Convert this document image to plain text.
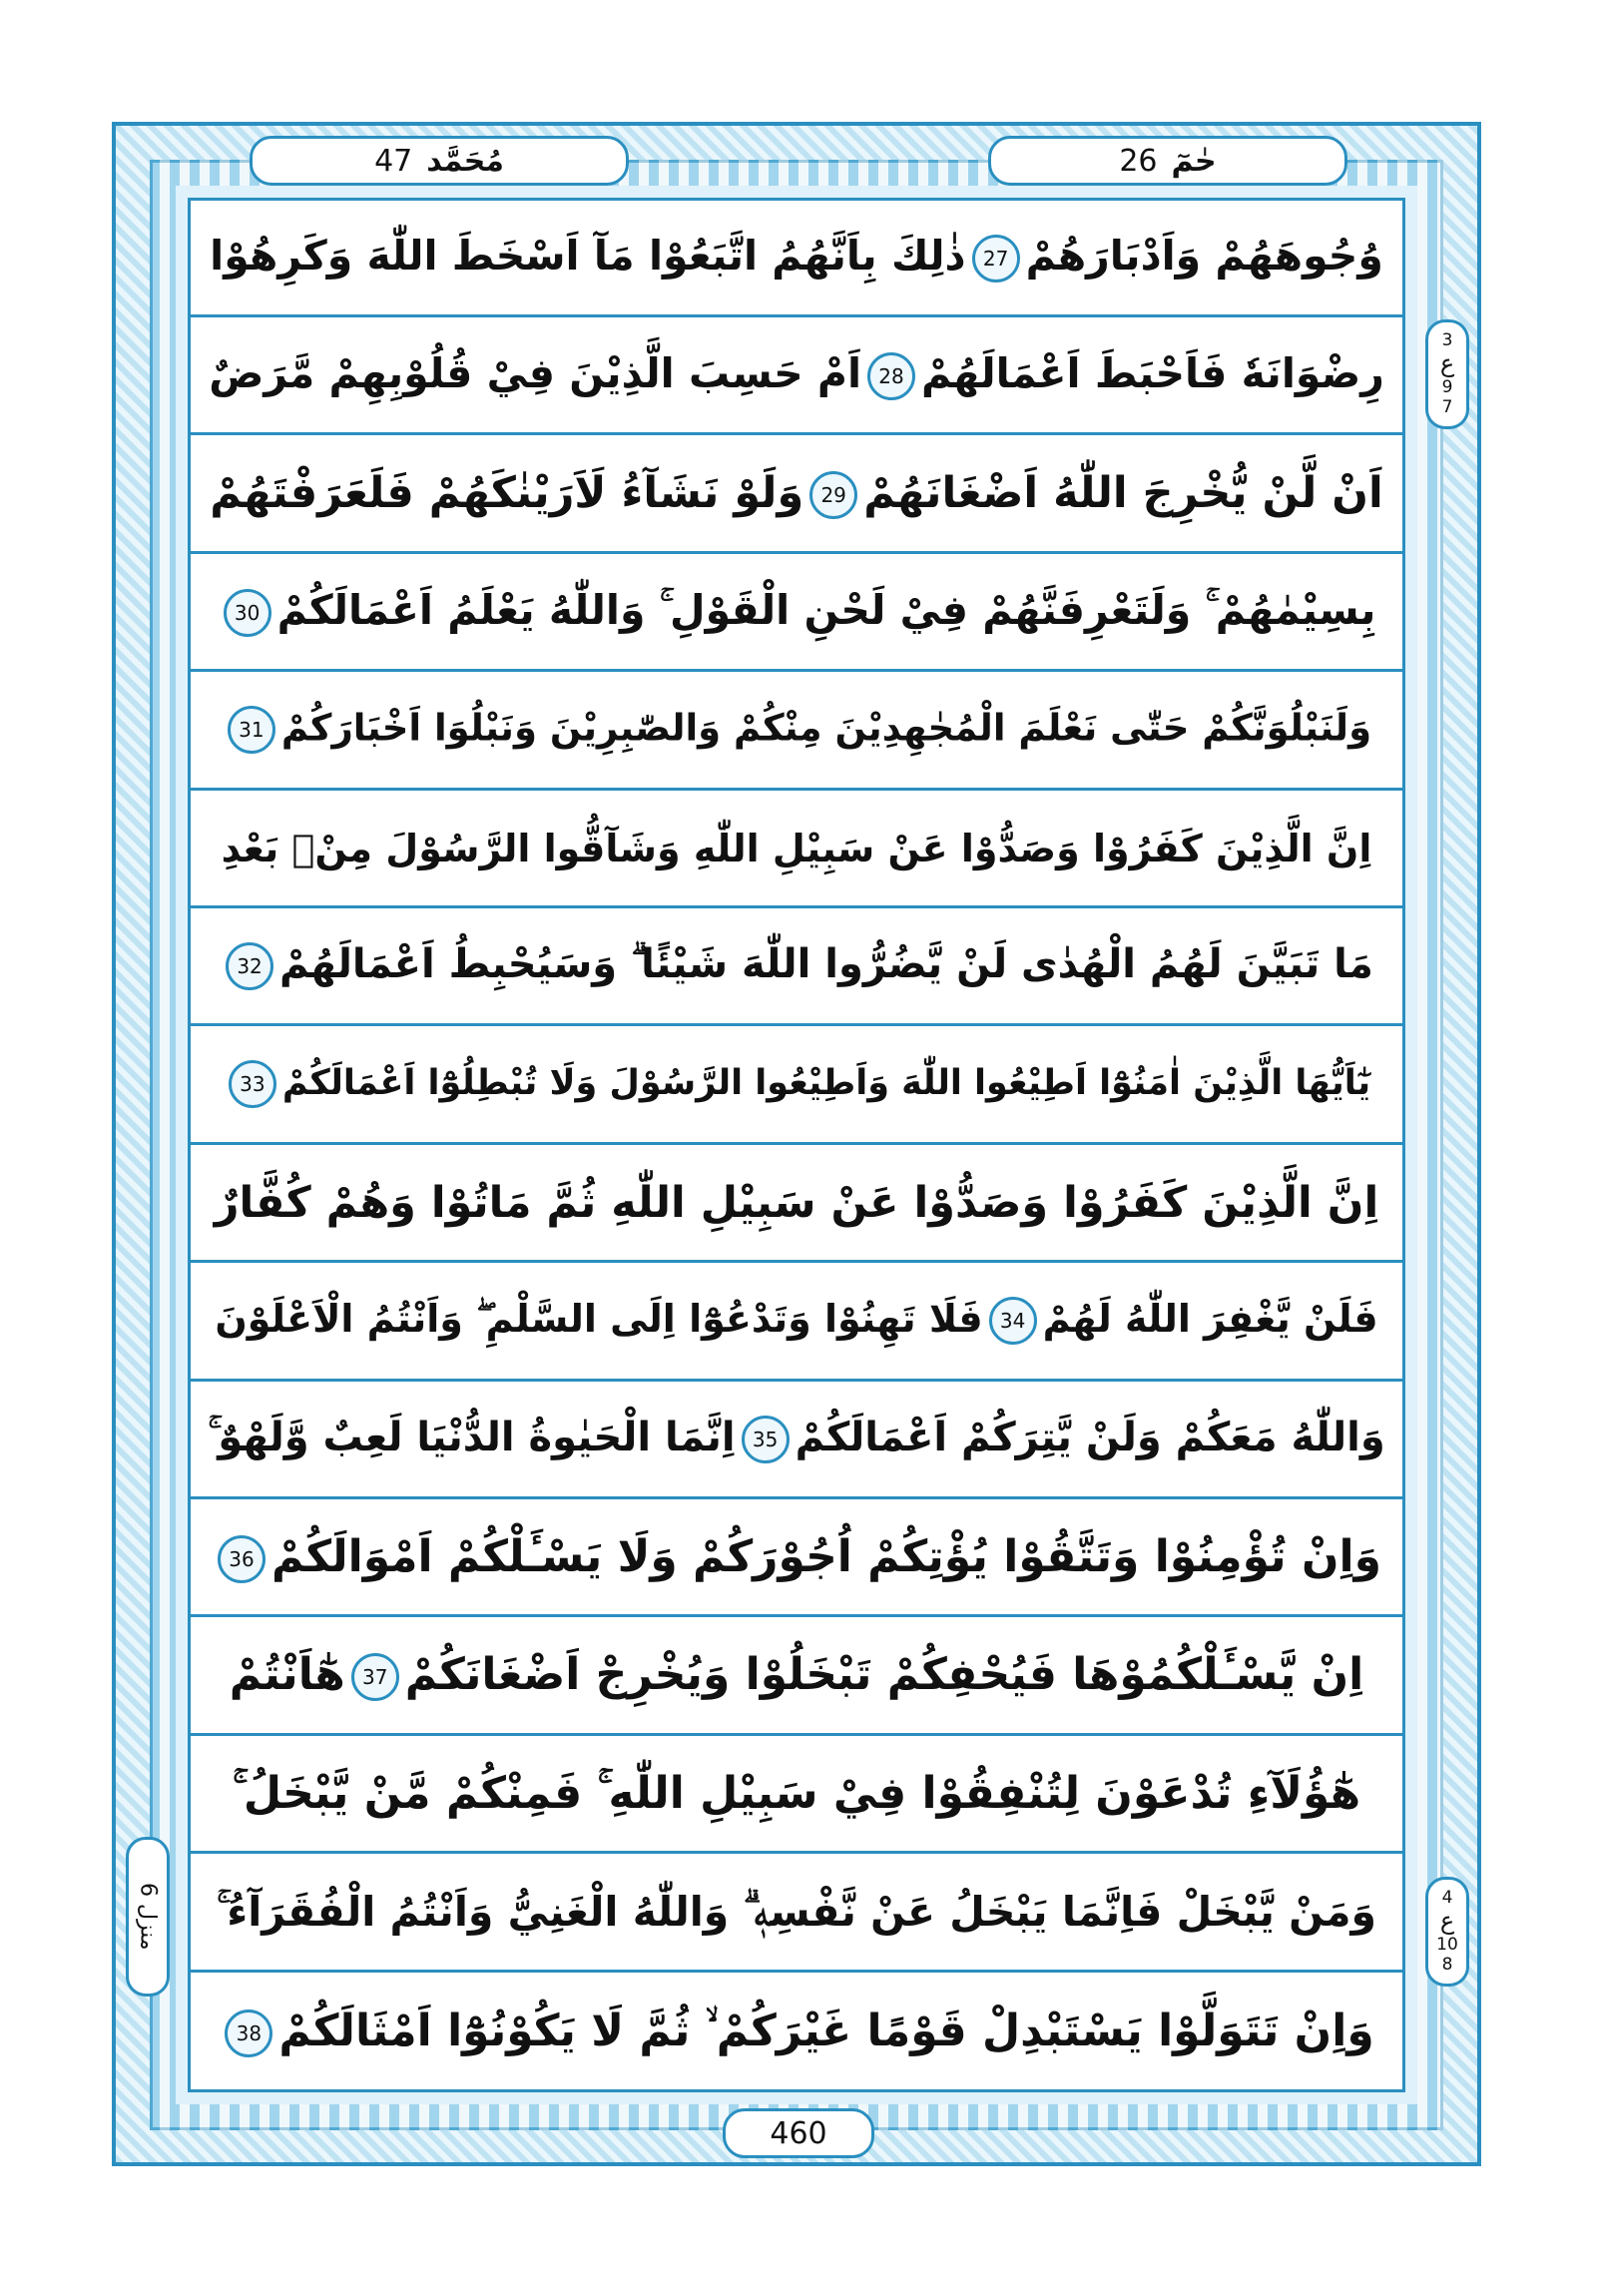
47 مُحَمَّد	26 حٰمٓ
وُجُوهَهُمْ وَاَدْبَارَهُمْ27ذٰلِكَ بِاَنَّهُمُ اتَّبَعُوْا مَآ اَسْخَطَ اللّٰهَ وَكَرِهُوْا
رِضْوَانَهٗ فَاَحْبَطَ اَعْمَالَهُمْ28اَمْ حَسِبَ الَّذِيْنَ فِيْ قُلُوْبِهِمْ مَّرَضٌ
اَنْ لَّنْ يُّخْرِجَ اللّٰهُ اَضْغَانَهُمْ29وَلَوْ نَشَآءُ لَاَرَيْنٰكَهُمْ فَلَعَرَفْتَهُمْ
بِسِيْمٰهُمْ ۚ وَلَتَعْرِفَنَّهُمْ فِيْ لَحْنِ الْقَوْلِ ۚ وَاللّٰهُ يَعْلَمُ اَعْمَالَكُمْ30
وَلَنَبْلُوَنَّكُمْ حَتّٰى نَعْلَمَ الْمُجٰهِدِيْنَ مِنْكُمْ وَالصّٰبِرِيْنَ وَنَبْلُوَا اَخْبَارَكُمْ31
اِنَّ الَّذِيْنَ كَفَرُوْا وَصَدُّوْا عَنْ سَبِيْلِ اللّٰهِ وَشَآقُّوا الرَّسُوْلَ مِنْۢ بَعْدِ
مَا تَبَيَّنَ لَهُمُ الْهُدٰى لَنْ يَّضُرُّوا اللّٰهَ شَيْئًا ۗ وَسَيُحْبِطُ اَعْمَالَهُمْ32
يٰٓاَيُّهَا الَّذِيْنَ اٰمَنُوْٓا اَطِيْعُوا اللّٰهَ وَاَطِيْعُوا الرَّسُوْلَ وَلَا تُبْطِلُوْٓا اَعْمَالَكُمْ33
اِنَّ الَّذِيْنَ كَفَرُوْا وَصَدُّوْا عَنْ سَبِيْلِ اللّٰهِ ثُمَّ مَاتُوْا وَهُمْ كُفَّارٌ
فَلَنْ يَّغْفِرَ اللّٰهُ لَهُمْ34فَلَا تَهِنُوْا وَتَدْعُوْٓا اِلَى السَّلْمِ ۖ وَاَنْتُمُ الْاَعْلَوْنَ
وَاللّٰهُ مَعَكُمْ وَلَنْ يَّتِرَكُمْ اَعْمَالَكُمْ35اِنَّمَا الْحَيٰوةُ الدُّنْيَا لَعِبٌ وَّلَهْوٌ ۚ
وَاِنْ تُؤْمِنُوْا وَتَتَّقُوْا يُؤْتِكُمْ اُجُوْرَكُمْ وَلَا يَسْـَٔلْكُمْ اَمْوَالَكُمْ36
اِنْ يَّسْـَٔلْكُمُوْهَا فَيُحْفِكُمْ تَبْخَلُوْا وَيُخْرِجْ اَضْغَانَكُمْ37هٰٓاَنْتُمْ
هٰٓؤُلَآءِ تُدْعَوْنَ لِتُنْفِقُوْا فِيْ سَبِيْلِ اللّٰهِ ۚ فَمِنْكُمْ مَّنْ يَّبْخَلُ ۚ
وَمَنْ يَّبْخَلْ فَاِنَّمَا يَبْخَلُ عَنْ نَّفْسِهٖ ۗ وَاللّٰهُ الْغَنِيُّ وَاَنْتُمُ الْفُقَرَآءُ ۚ
وَاِنْ تَتَوَلَّوْا يَسْتَبْدِلْ قَوْمًا غَيْرَكُمْ ۙ ثُمَّ لَا يَكُوْنُوْٓا اَمْثَالَكُمْ38
3
ع
9
7
4
ع
10
8
منزل 6
460
